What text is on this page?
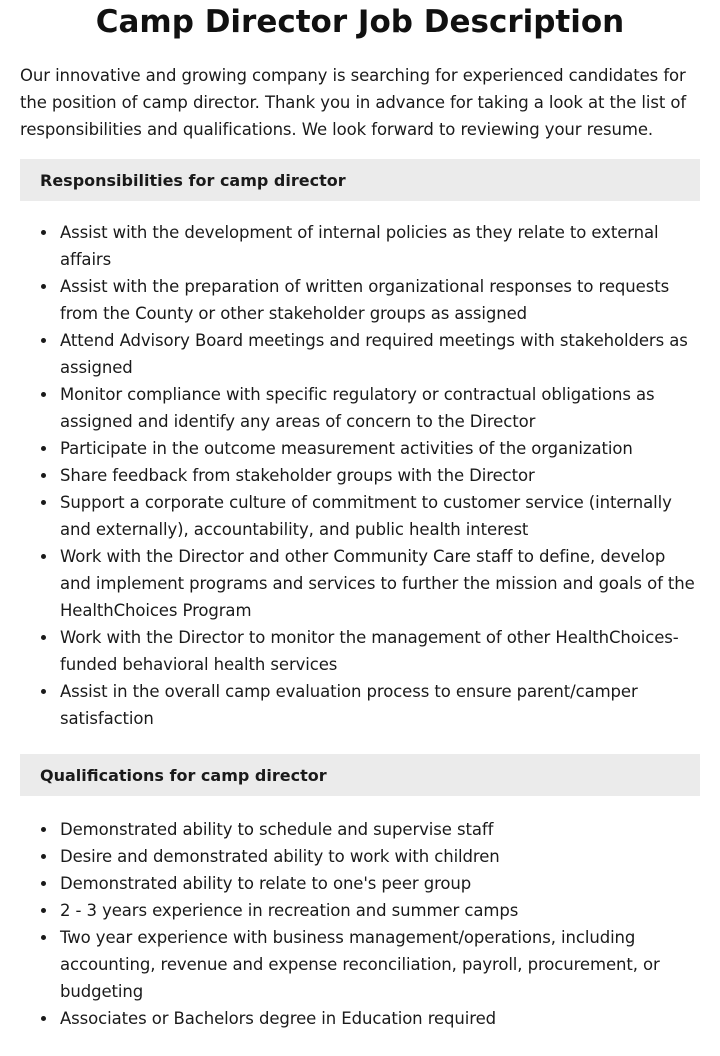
Camp Director Job Description

Our innovative and growing company is searching for experienced candidates for the position of camp director. Thank you in advance for taking a look at the list of responsibilities and qualifications. We look forward to reviewing your resume.

Responsibilities for camp director
Assist with the development of internal policies as they relate to external affairs
Assist with the preparation of written organizational responses to requests from the County or other stakeholder groups as assigned
Attend Advisory Board meetings and required meetings with stakeholders as assigned
Monitor compliance with specific regulatory or contractual obligations as assigned and identify any areas of concern to the Director
Participate in the outcome measurement activities of the organization
Share feedback from stakeholder groups with the Director
Support a corporate culture of commitment to customer service (internally and externally), accountability, and public health interest
Work with the Director and other Community Care staff to define, develop and implement programs and services to further the mission and goals of the HealthChoices Program
Work with the Director to monitor the management of other HealthChoices-funded behavioral health services
Assist in the overall camp evaluation process to ensure parent/camper satisfaction
Qualifications for camp director
Demonstrated ability to schedule and supervise staff
Desire and demonstrated ability to work with children
Demonstrated ability to relate to one's peer group
2 - 3 years experience in recreation and summer camps
Two year experience with business management/operations, including accounting, revenue and expense reconciliation, payroll, procurement, or budgeting
Associates or Bachelors degree in Education required
